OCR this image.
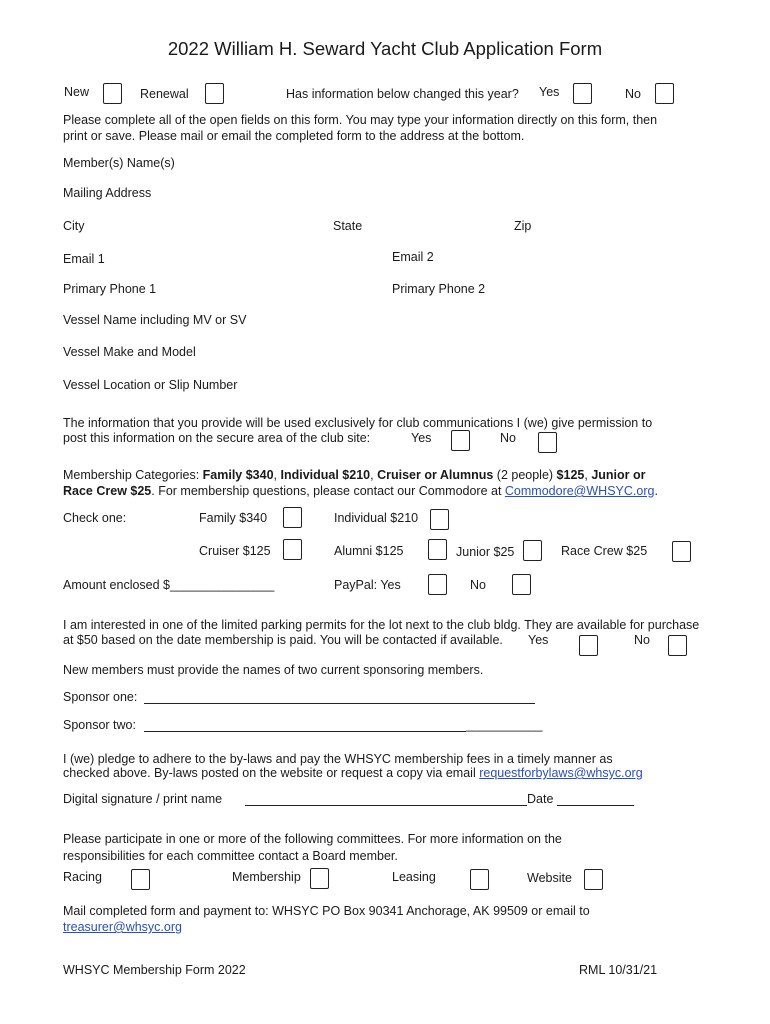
2022 William H. Seward Yacht Club Application Form
New	Renewal	Has information below changed this year? Yes	No
Please complete all of the open fields on this form. You may type your information directly on this form, then
print or save. Please mail or email the completed form to the address at the bottom.
Member(s) Name(s)
Mailing Address
City	State	Zip
Email 1	Email 2
Primary Phone 1	Primary Phone 2
Vessel Name including MV or SV
Vessel Make and Model
Vessel Location or Slip Number
The information that you provide will be used exclusively for club communications I (we) give permission to
post this information on the secure area of the club site:	Yes	No
Membership Categories: Family $340, Individual $210, Cruiser or Alumnus (2 people) $125, Junior or
Race Crew $25. For membership questions, please contact our Commodore at Commodore@WHSYC.org.
Check one:	Family $340	Individual $210
Cruiser $125	Alumni $125	Junior $25	Race Crew $25
Amount enclosed $_______________	PayPal: Yes	No
I am interested in one of the limited parking permits for the lot next to the club bldg. They are available for purchase
at $50 based on the date membership is paid. You will be contacted if available. Yes	No
New members must provide the names of two current sponsoring members.
Sponsor one:
Sponsor two:	___________
I (we) pledge to adhere to the by-laws and pay the WHSYC membership fees in a timely manner as
checked above. By-laws posted on the website or request a copy via email requestforbylaws@whsyc.org
Digital signature / print name	Date
Please participate in one or more of the following committees. For more information on the
responsibilities for each committee contact a Board member.
Racing	Membership	Leasing	Website
Mail completed form and payment to: WHSYC PO Box 90341 Anchorage, AK 99509 or email to
treasurer@whsyc.org
WHSYC Membership Form 2022	RML 10/31/21
